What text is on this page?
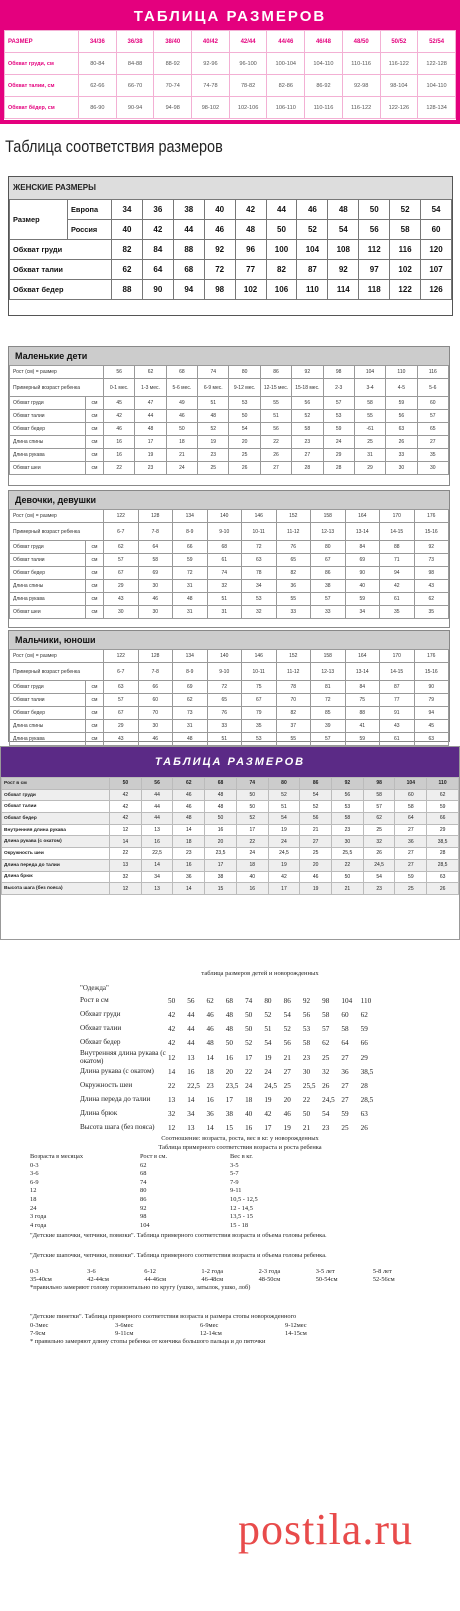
ТАБЛИЦА РАЗМЕРОВ
РАЗМЕР	34/36	36/38	38/40	40/42	42/44	44/46	46/48	48/50	50/52	52/54
Обхват груди, см	80-84	84-88	88-92	92-96	96-100	100-104	104-110	110-116	116-122	122-128
Обхват талии, см	62-66	66-70	70-74	74-78	78-82	82-86	86-92	92-98	98-104	104-110
Обхват бёдер, см	86-90	90-94	94-98	98-102	102-106	106-110	110-116	116-122	122-126	128-134
Таблица соответствия размеров
ЖЕНСКИЕ РАЗМЕРЫ
Размер	Европа	34	36	38	40	42	44	46	48	50	52	54
	Россия	40	42	44	46	48	50	52	54	56	58	60
Обхват груди		82	84	88	92	96	100	104	108	112	116	120
Обхват талии		62	64	68	72	77	82	87	92	97	102	107
Обхват бедер		88	90	94	98	102	106	110	114	118	122	126
Маленькие дети
Рост (см) = размер		56	62	68	74	80	86	92	98	104	110	116
Примерный возраст ребенка		0-1 мес.	1-3 мес.	5-6 мес.	6-9 мес.	9-12 мес.	12-15 мес.	15-18 мес.	2-3	3-4	4-5	5-6
Обхват груди	см	45	47	49	51	53	55	56	57	58	59	60
Обхват талии	см	42	44	46	48	50	51	52	53	55	56	57
Обхват бедер	см	46	48	50	52	54	56	58	59	-61	63	65
Длина спины	см	16	17	18	19	20	22	23	24	25	26	27
Длина рукава	см	16	19	21	23	25	26	27	29	31	33	35
Обхват шеи	см	22	23	24	25	26	27	28	28	29	30	30
Девочки, девушки
Рост (см) = размер		122	128	134	140	146	152	158	164	170	176
Примерный возраст ребенка		6-7	7-8	8-9	9-10	10-11	11-12	12-13	13-14	14-15	15-16
Обхват груди	см	62	64	66	68	72	76	80	84	88	92
Обхват талии	см	57	58	59	61	63	65	67	69	71	73
Обхват бедер	см	67	69	72	74	78	82	86	90	94	98
Длина спины	см	29	30	31	32	34	36	38	40	42	43
Длина рукава	см	43	46	48	51	53	55	57	59	61	62
Обхват шеи	см	30	30	31	31	32	33	33	34	35	35
Мальчики, юноши
Рост (см) = размер		122	128	134	140	146	152	158	164	170	176
Примерный возраст ребенка		6-7	7-8	8-9	9-10	10-11	11-12	12-13	13-14	14-15	15-16
Обхват груди	см	63	66	69	72	75	78	81	84	87	90
Обхват талии	см	57	60	62	65	67	70	72	75	77	79
Обхват бедер	см	67	70	73	76	79	82	85	88	91	94
Длина спины	см	29	30	31	33	35	37	39	41	43	45
Длина рукава	см	43	46	48	51	53	55	57	59	61	63

ТАБЛИЦА РАЗМЕРОВ
Рост в см	50	56	62	68	74	80	86	92	98	104	110
Обхват груди	42	44	46	48	50	52	54	56	58	60	62
Обхват талии	42	44	46	48	50	51	52	53	57	58	59
Обхват бедер	42	44	48	50	52	54	56	58	62	64	66
Внутренняя длина рукава	12	13	14	16	17	19	21	23	25	27	29
Длина рукава (с окатом)	14	16	18	20	22	24	27	30	32	36	38,5
Окружность шеи	22	22,5	23	23,5	24	24,5	25	25,5	26	27	28
Длина переда до талии	13	14	16	17	18	19	20	22	24,5	27	28,5
Длина брюк	32	34	36	38	40	42	46	50	54	59	63
Высота шага (без пояса)	12	13	14	15	16	17	19	21	23	25	26
таблица размеров детей и новорожденных
"Одежда"
Рост в см	50	56	62	68	74	80	86	92	98	104	110
Обхват груди	42	44	46	48	50	52	54	56	58	60	62
Обхват талии	42	44	46	48	50	51	52	53	57	58	59
Обхват бедер	42	44	48	50	52	54	56	58	62	64	66
Внутренняя длина рукава (с окатом)	12	13	14	16	17	19	21	23	25	27	29
Длина рукава (с окатом)	14	16	18	20	22	24	27	30	32	36	38,5
Окружность шеи	22	22,5	23	23,5	24	24,5	25	25,5	26	27	28
Длина переда до талии	13	14	16	17	18	19	20	22	24,5	27	28,5
Длина брюк	32	34	36	38	40	42	46	50	54	59	63
Высота шага (без пояса)	12	13	14	15	16	17	19	21	23	25	26
Соотношение: возраста, роста, вес в кг. у новорожденных
Таблица примерного соответствия возраста и роста ребенка
Возраста в месяцах	Рост в см.	Вес в кг.
0-3	62	3-5
3-6	68	5-7
6-9	74	7-9
12	80	9-11
18	86	10,5 - 12,5
24	92	12 - 14,5
3 года	98	13,5 - 15
4 года	104	15 - 18
"Детские шапочки, чепчики, повязки". Таблица примерного соответствия возраста и объема головы ребенка.
"Детские шапочки, чепчики, повязки". Таблица примерного соответствия возраста и объема головы ребенка.
0-3	3-6	6-12	1-2 года	2-3 года	3-5 лет	5-8 лет
35-40см	42-44см	44-46см	46-48см	48-50см	50-54см	52-56см
*правильно замеряют голову горизонтально по кругу (ушко, затылок, ушко, лоб)
"Детские пинетки". Таблица примерного соответствия возраста и размера стопы новорожденного
0-3мес	3-6мес	6-9мес	9-12мес
7-9см	9-11см	12-14см	14-15см
* правильно замеряют длину стопы ребенка от кончика большого пальца и до пяточки
postila.ru
